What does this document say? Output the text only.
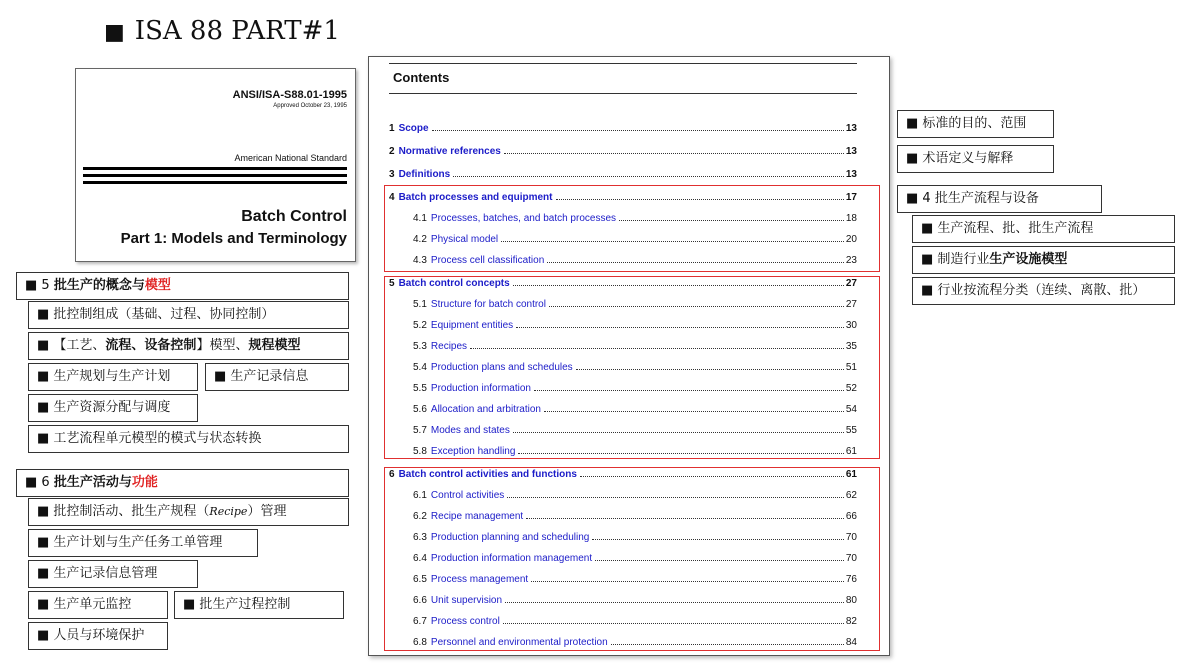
■ ISA 88 PART#1
ANSI/ISA-S88.01-1995
Approved October 23, 1995
American National Standard
Batch Control
Part 1: Models and Terminology
Contents
1 Scope	13
2 Normative references	13
3 Definitions	13
4 Batch processes and equipment	17
4.1 Processes, batches, and batch processes	18
4.2 Physical model	20
4.3 Process cell classification	23
5 Batch control concepts	27
5.1 Structure for batch control	27
5.2 Equipment entities	30
5.3 Recipes	35
5.4 Production plans and schedules	51
5.5 Production information	52
5.6 Allocation and arbitration	54
5.7 Modes and states	55
5.8 Exception handling	61
6 Batch control activities and functions	61
6.1 Control activities	62
6.2 Recipe management	66
6.3 Production planning and scheduling	70
6.4 Production information management	70
6.5 Process management	76
6.6 Unit supervision	80
6.7 Process control	82
6.8 Personnel and environmental protection	84
■ 标准的目的、范围
■ 术语定义与解释
■ 4 批生产流程与设备
■ 生产流程、批、批生产流程
■ 制造行业生产设施模型
■ 行业按流程分类（连续、离散、批）
■ 5 批生产的概念与模型
■ 批控制组成（基础、过程、协同控制）
■ 【工艺、流程、设备控制】模型、规程模型
■ 生产规划与生产计划	■ 生产记录信息
■ 生产资源分配与调度
■ 工艺流程单元模型的模式与状态转换
■ 6 批生产活动与功能
■ 批控制活动、批生产规程（Recipe）管理
■ 生产计划与生产任务工单管理
■ 生产记录信息管理
■ 生产单元监控	■ 批生产过程控制
■ 人员与环境保护
